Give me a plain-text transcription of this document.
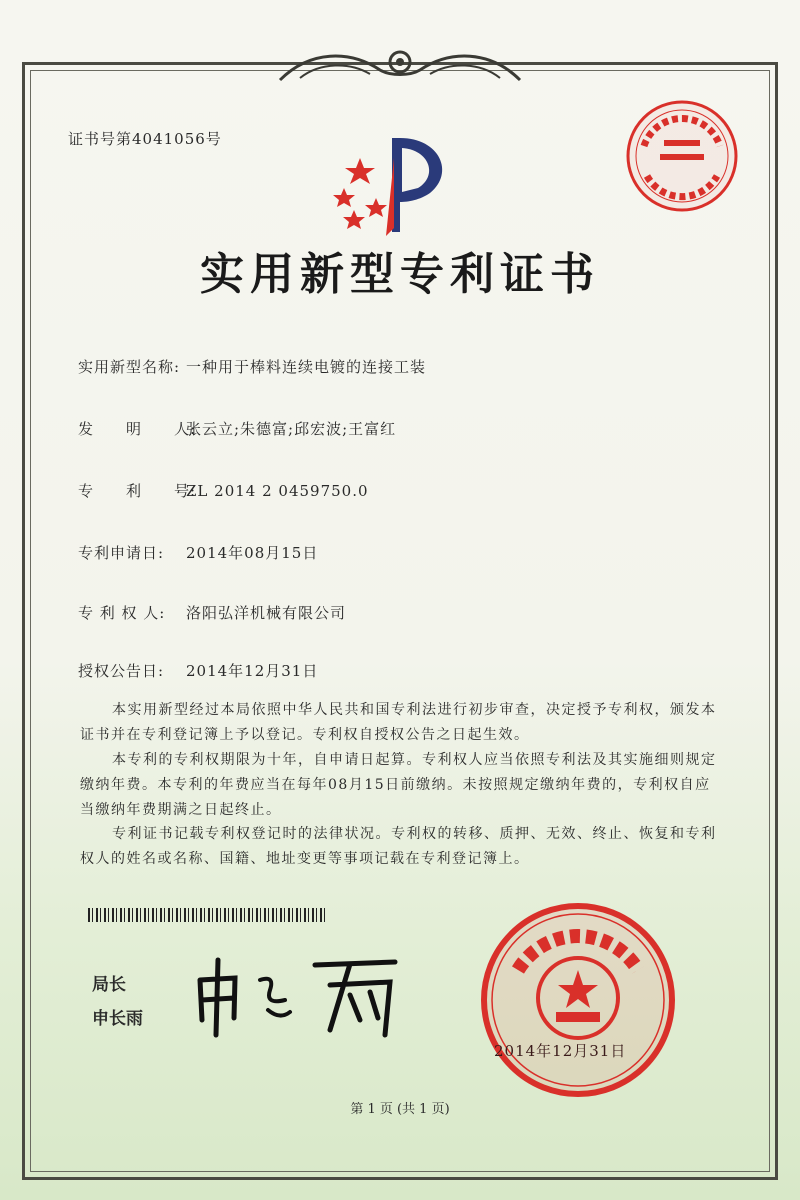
证书号第4041056号
实用新型专利证书
实用新型名称: 一种用于棒料连续电镀的连接工装
发　　明　　人:张云立;朱德富;邱宏波;王富红
专　　利　　号:ZL 2014 2 0459750.0
专利申请日: 2014年08月15日
专 利 权 人: 洛阳弘洋机械有限公司
授权公告日: 2014年12月31日
本实用新型经过本局依照中华人民共和国专利法进行初步审查，决定授予专利权，颁发本证书并在专利登记簿上予以登记。专利权自授权公告之日起生效。
本专利的专利权期限为十年，自申请日起算。专利权人应当依照专利法及其实施细则规定缴纳年费。本专利的年费应当在每年08月15日前缴纳。未按照规定缴纳年费的，专利权自应当缴纳年费期满之日起终止。
专利证书记载专利权登记时的法律状况。专利权的转移、质押、无效、终止、恢复和专利权人的姓名或名称、国籍、地址变更等事项记载在专利登记簿上。
局长
申长雨
2014年12月31日
第 1 页 (共 1 页)
